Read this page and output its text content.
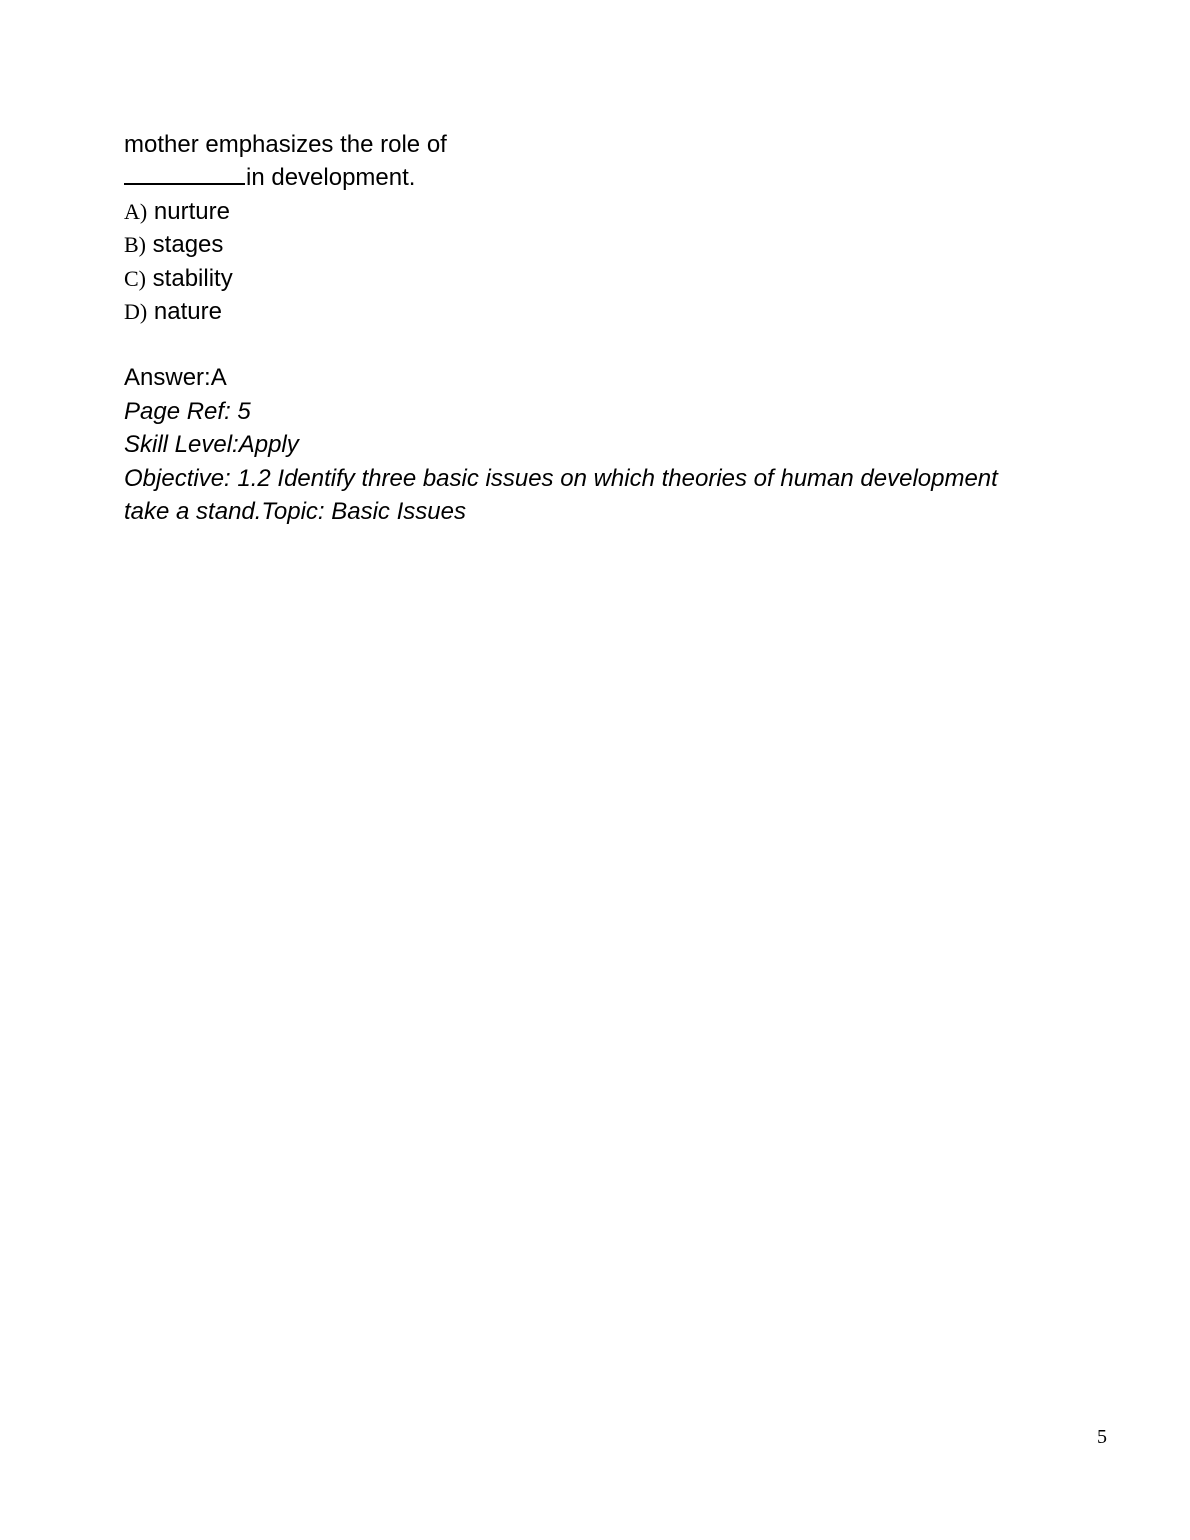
mother emphasizes the role of
in development.
A) nurture
B) stages
C) stability
D) nature
Answer:A
Page Ref: 5
Skill Level:Apply
Objective: 1.2 Identify three basic issues on which theories of human development take a stand.Topic: Basic Issues
5
